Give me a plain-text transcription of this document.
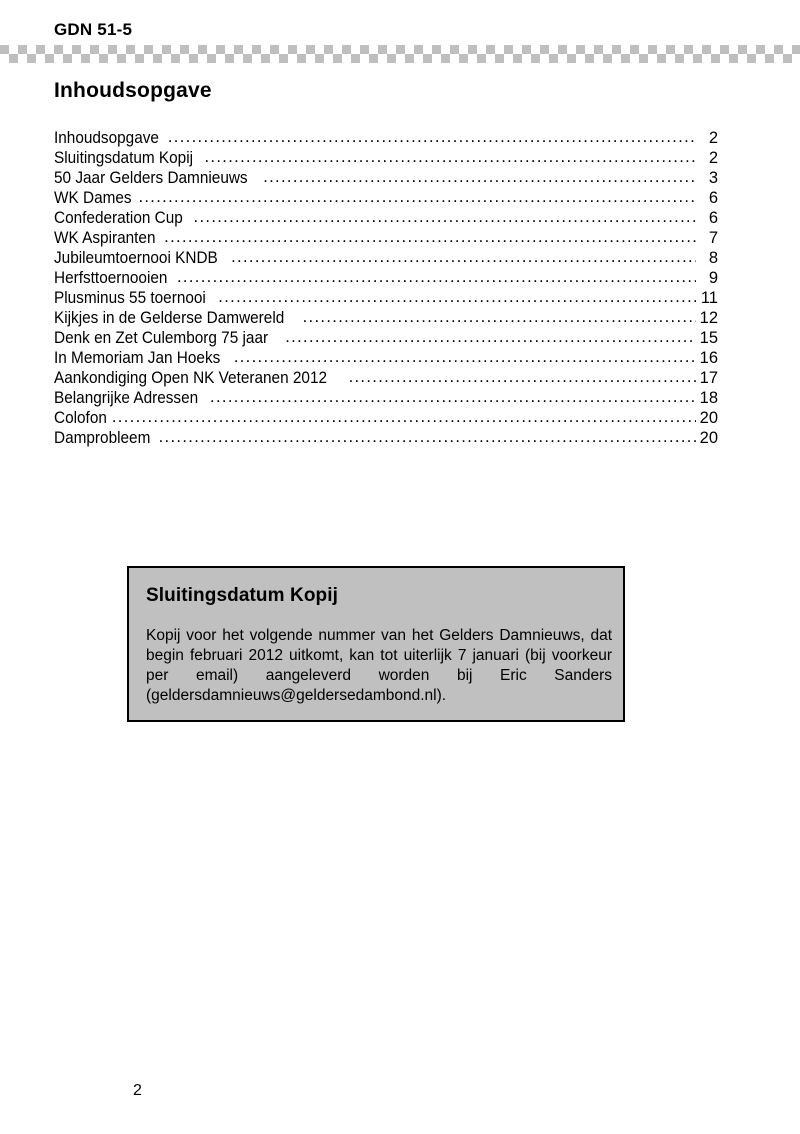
GDN 51-5
Inhoudsopgave
Inhoudsopgave .....	2
Sluitingsdatum Kopij .....	2
50 Jaar Gelders Damnieuws .....	3
WK Dames .....	6
Confederation Cup .....	6
WK Aspiranten .....	7
Jubileumtoernooi KNDB .....	8
Herfsttoernooien .....	9
Plusminus 55 toernooi .....	11
Kijkjes in de Gelderse Damwereld .....	12
Denk en Zet Culemborg 75 jaar .....	15
In Memoriam Jan Hoeks .....	16
Aankondiging Open NK Veteranen 2012 .....	17
Belangrijke Adressen .....	18
Colofon .....	20
Damprobleem .....	20
Sluitingsdatum Kopij

Kopij voor het volgende nummer van het Gelders Damnieuws, dat begin februari 2012 uitkomt, kan tot uiterlijk 7 januari (bij voorkeur per email) aangeleverd worden bij Eric Sanders (geldersdamnieuws@geldersedambond.nl).

2
